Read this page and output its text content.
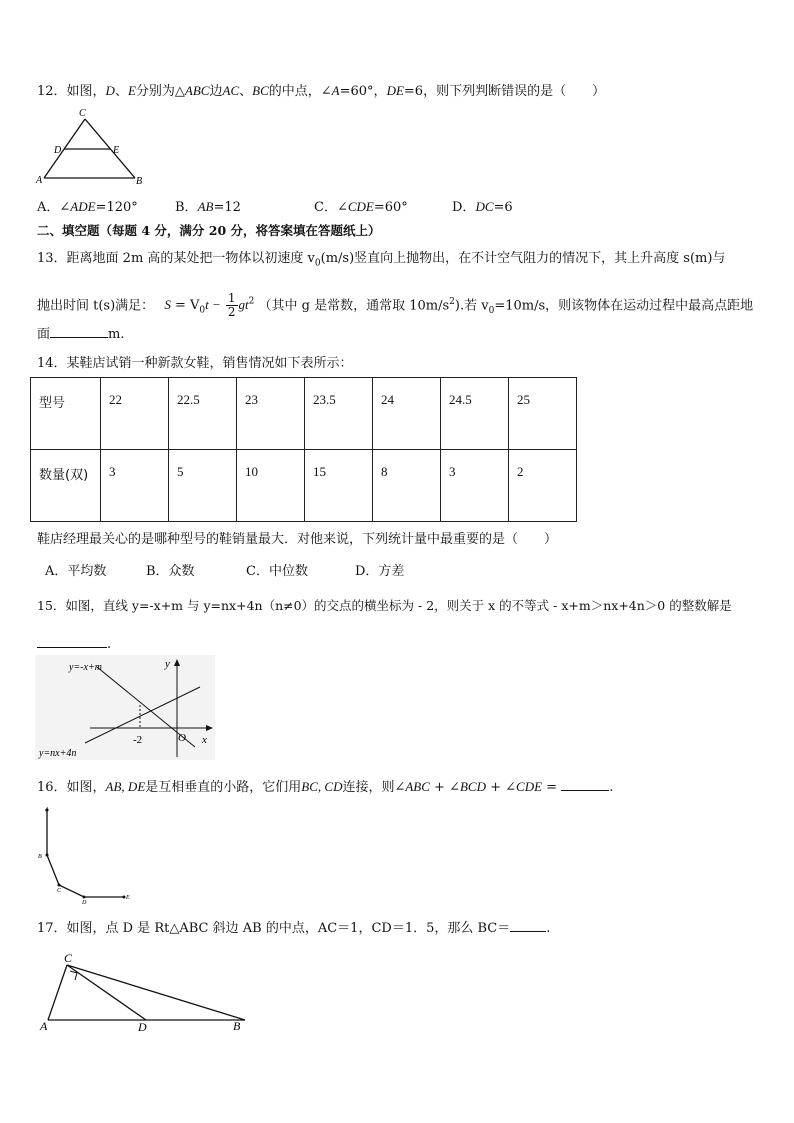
12．如图，D、E分别为△ABC边AC、BC的中点，∠A=60°，DE=6，则下列判断错误的是（　　）
C
D	E
A	B
A．∠ADE=120°	B．AB=12	C．∠CDE=60°	D．DC=6
二、填空题（每题 4 分，满分 20 分，将答案填在答题纸上）
13．距离地面 2m 高的某处把一物体以初速度 $v_0(m/s)$竖直向上抛物出，在不计空气阻力的情况下，其上升高度 s(m)与
抛出时间 t(s)满足： $S = V_0t - \frac{1}{2} gt^2$ （其中 g 是常数，通常取 $10m/s^2$).若 $v_0=10m/s$，则该物体在运动过程中最高点距地
面	m.
14．某鞋店试销一种新款女鞋，销售情况如下表所示：
型号	22	22.5	23	23.5	24	24.5	25
数量(双)	3	5	10	15	8	3	2
鞋店经理最关心的是哪种型号的鞋销量最大．对他来说，下列统计量中最重要的是（　　）
A．平均数	B．众数	C．中位数	D．方差
15．如图，直线 y=-x+m 与 y=nx+4n（n≠0）的交点的横坐标为 - 2，则关于 x 的不等式 - x+m＞nx+4n＞0 的整数解是
.
y=-x+m
y=nx+4n
y
x
O
-2
16．如图，AB, DE是互相垂直的小路，它们用BC, CD连接，则∠ABC + ∠BCD + ∠CDE =	.
A
B
C
D
E
17．如图，点 D 是 Rt△ABC 斜边 AB 的中点，AC＝1，CD＝1．5，那么 BC＝	.
C
A	D	B
